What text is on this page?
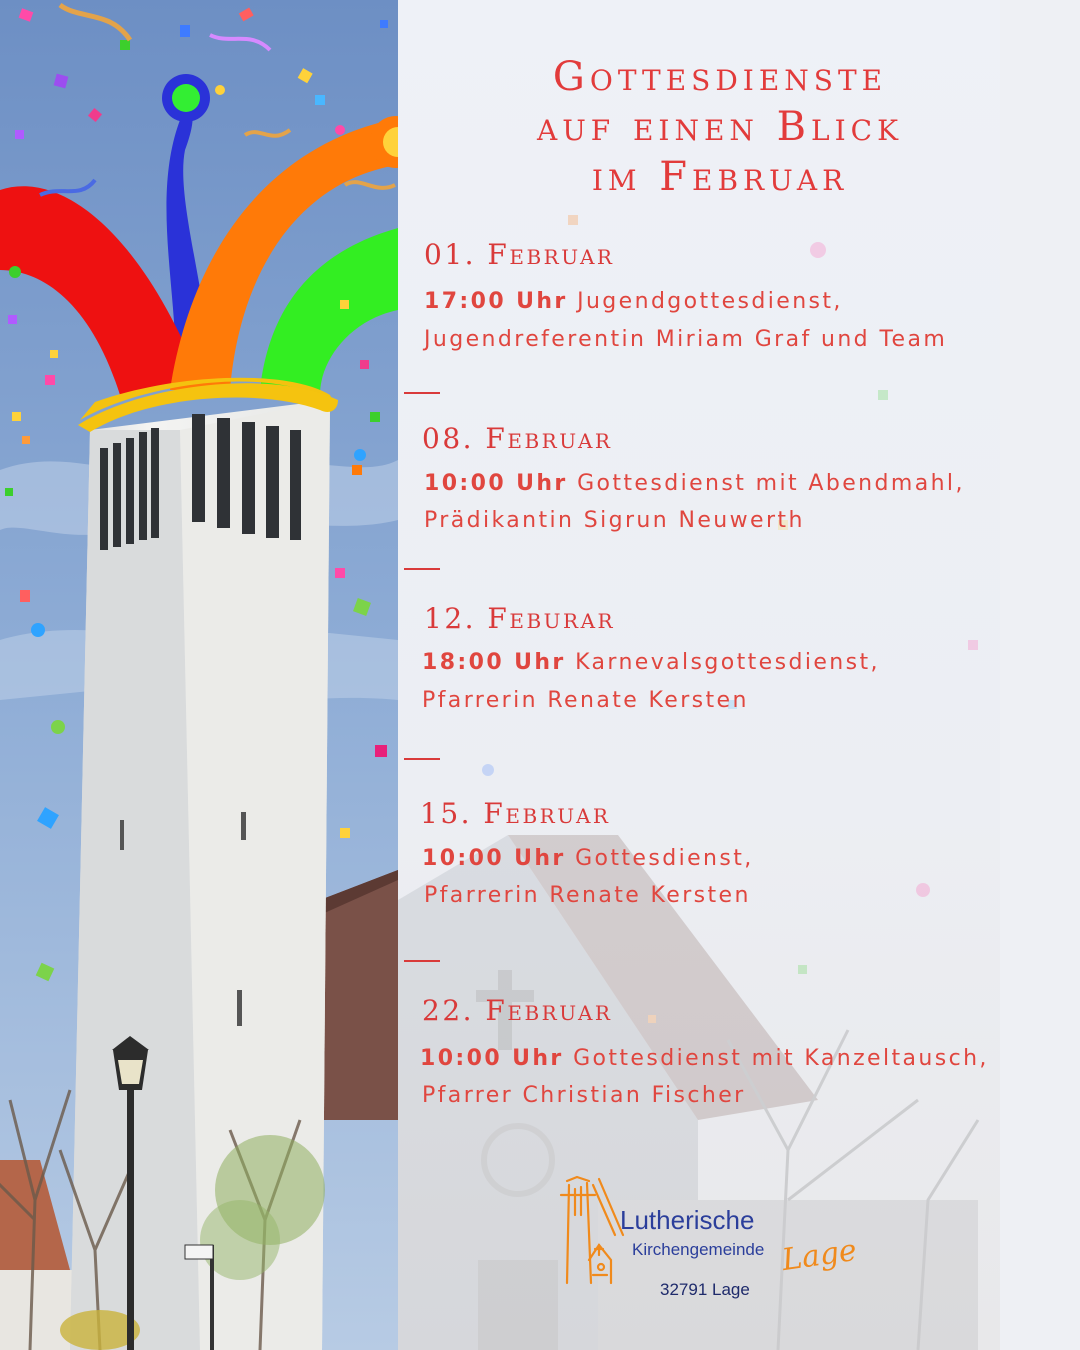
Gottesdienste
auf einen Blick
im Februar
01. Februar
17:00 Uhr Jugendgottesdienst,
Jugendreferentin Miriam Graf und Team
08. Februar
10:00 Uhr Gottesdienst mit Abendmahl,
Prädikantin Sigrun Neuwerth
12. Feburar
18:00 Uhr Karnevalsgottesdienst,
Pfarrerin Renate Kersten
15. Februar
10:00 Uhr Gottesdienst,
Pfarrerin Renate Kersten
22. Februar
10:00 Uhr Gottesdienst mit Kanzeltausch,
Pfarrer Christian Fischer
Lutherische
Kirchengemeinde Lage
32791 Lage
